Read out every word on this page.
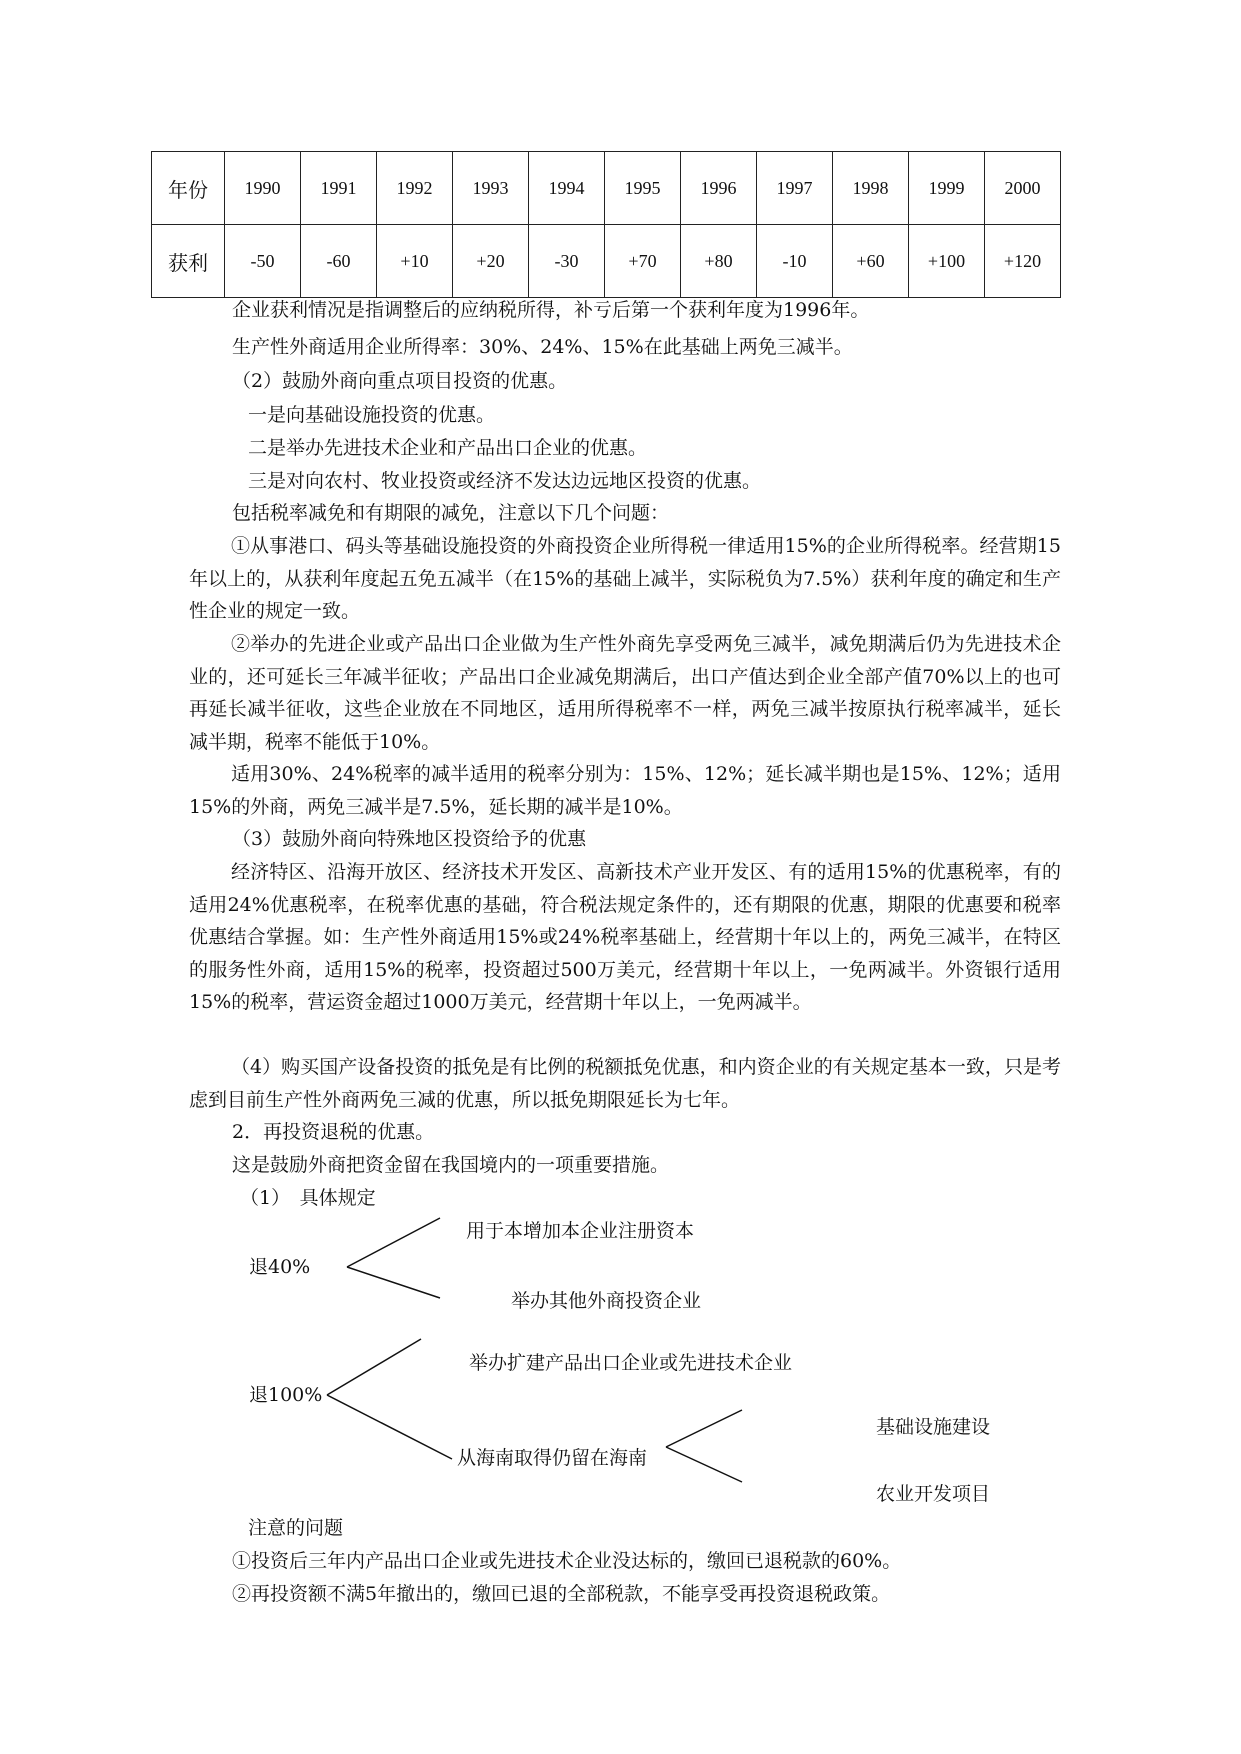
年份	1990	1991	1992	1993	1994	1995	1996	1997	1998	1999	2000
获利	-50	-60	+10	+20	-30	+70	+80	-10	+60	+100	+120
企业获利情况是指调整后的应纳税所得，补亏后第一个获利年度为1996年。
生产性外商适用企业所得率：30%、24%、15%在此基础上两免三减半。
（2）鼓励外商向重点项目投资的优惠。
一是向基础设施投资的优惠。
二是举办先进技术企业和产品出口企业的优惠。
三是对向农村、牧业投资或经济不发达边远地区投资的优惠。
包括税率减免和有期限的减免，注意以下几个问题：
①从事港口、码头等基础设施投资的外商投资企业所得税一律适用15%的企业所得税率。经营期15年以上的，从获利年度起五免五减半（在15%的基础上减半，实际税负为7.5%）获利年度的确定和生产性企业的规定一致。
②举办的先进企业或产品出口企业做为生产性外商先享受两免三减半，减免期满后仍为先进技术企业的，还可延长三年减半征收；产品出口企业减免期满后，出口产值达到企业全部产值70%以上的也可再延长减半征收，这些企业放在不同地区，适用所得税率不一样，两免三减半按原执行税率减半，延长减半期，税率不能低于10%。
适用30%、24%税率的减半适用的税率分别为：15%、12%；延长减半期也是15%、12%；适用15%的外商，两免三减半是7.5%，延长期的减半是10%。
（3）鼓励外商向特殊地区投资给予的优惠
经济特区、沿海开放区、经济技术开发区、高新技术产业开发区、有的适用15%的优惠税率，有的适用24%优惠税率，在税率优惠的基础，符合税法规定条件的，还有期限的优惠，期限的优惠要和税率优惠结合掌握。如：生产性外商适用15%或24%税率基础上，经营期十年以上的，两免三减半，在特区的服务性外商，适用15%的税率，投资超过500万美元，经营期十年以上，一免两减半。外资银行适用15%的税率，营运资金超过1000万美元，经营期十年以上，一免两减半。
（4）购买国产设备投资的抵免是有比例的税额抵免优惠，和内资企业的有关规定基本一致，只是考虑到目前生产性外商两免三减的优惠，所以抵免期限延长为七年。
2．再投资退税的优惠。
这是鼓励外商把资金留在我国境内的一项重要措施。
（1）　具体规定
退40%
用于本增加本企业注册资本
举办其他外商投资企业
退100%
举办扩建产品出口企业或先进技术企业
从海南取得仍留在海南
基础设施建设
农业开发项目
注意的问题
①投资后三年内产品出口企业或先进技术企业没达标的，缴回已退税款的60%。
②再投资额不满5年撤出的，缴回已退的全部税款，不能享受再投资退税政策。
